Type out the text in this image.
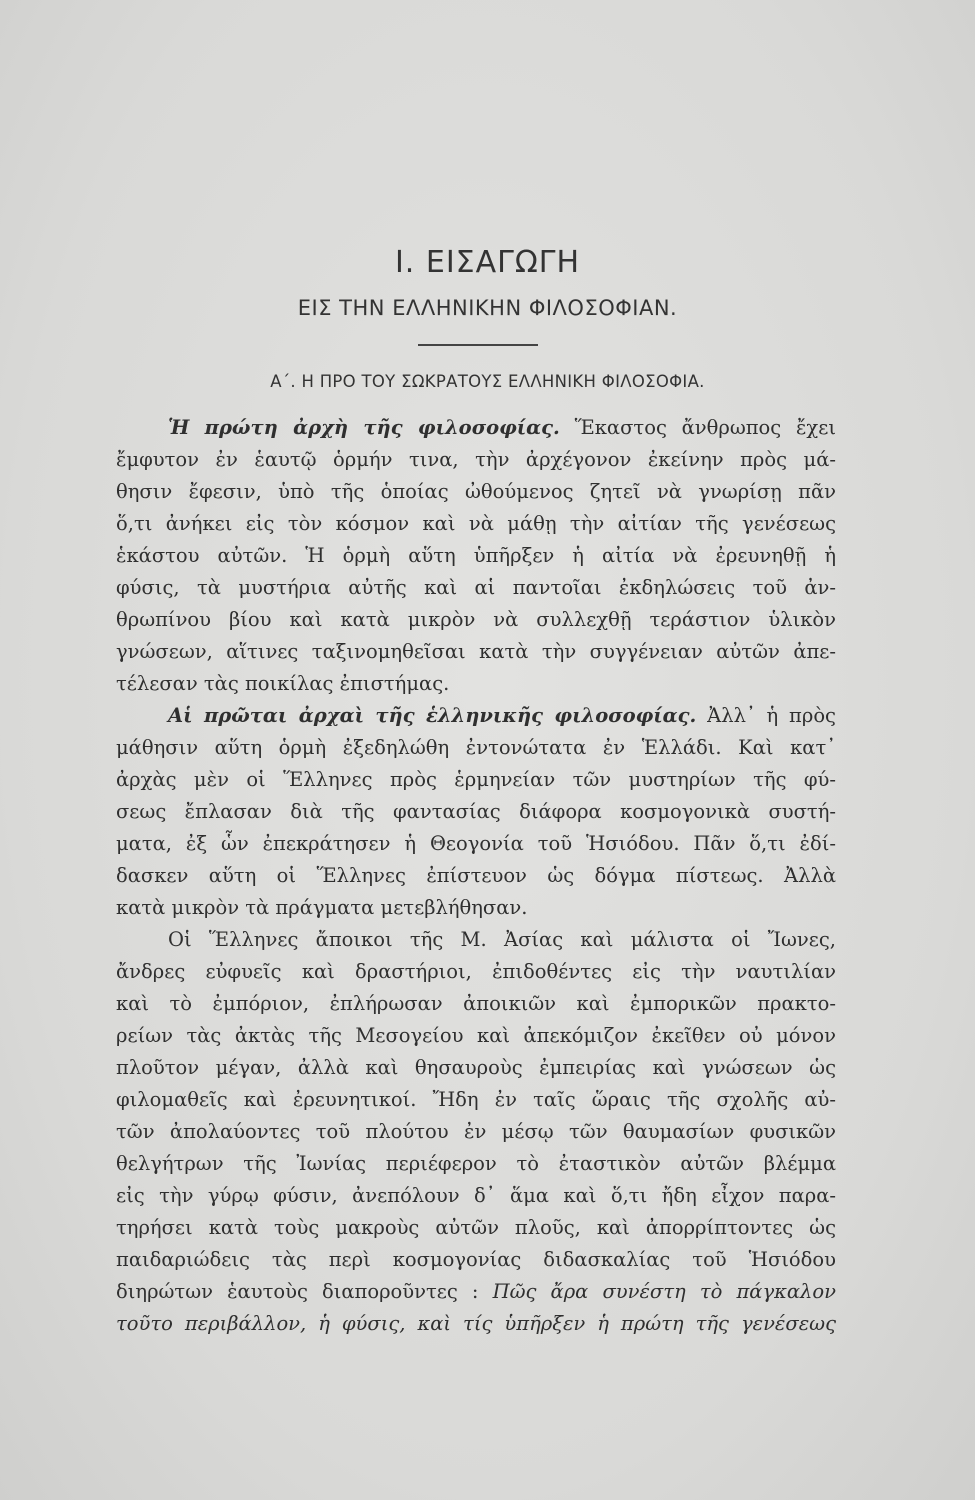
Ι. ΕΙΣΑΓΩΓΗ
ΕΙΣ ΤΗΝ ΕΛΛΗΝΙΚΗΝ ΦΙΛΟΣΟΦΙΑΝ.
Α΄. Η ΠΡΟ ΤΟΥ ΣΩΚΡΑΤΟΥΣ ΕΛΛΗΝΙΚΗ ΦΙΛΟΣΟΦΙΑ.
Ἡ πρώτη ἀρχὴ τῆς φιλοσοφίας. Ἕκαστος ἄνθρωπος ἔχει
ἔμφυτον ἐν ἑαυτῷ ὁρμήν τινα, τὴν ἀρχέγονον ἐκείνην πρὸς μά-
θησιν ἔφεσιν, ὑπὸ τῆς ὁποίας ὠθούμενος ζητεῖ νὰ γνωρίσῃ πᾶν
ὅ,τι ἀνήκει εἰς τὸν κόσμον καὶ νὰ μάθῃ τὴν αἰτίαν τῆς γενέσεως
ἑκάστου αὐτῶν. Ἡ ὁρμὴ αὕτη ὑπῆρξεν ἡ αἰτία νὰ ἐρευνηθῇ ἡ
φύσις, τὰ μυστήρια αὐτῆς καὶ αἱ παντοῖαι ἐκδηλώσεις τοῦ ἀν-
θρωπίνου βίου καὶ κατὰ μικρὸν νὰ συλλεχθῇ τεράστιον ὑλικὸν
γνώσεων, αἵτινες ταξινομηθεῖσαι κατὰ τὴν συγγένειαν αὐτῶν ἀπε-
τέλεσαν τὰς ποικίλας ἐπιστήμας.
Αἱ πρῶται ἀρχαὶ τῆς ἑλληνικῆς φιλοσοφίας. Ἀλλ᾽ ἡ πρὸς
μάθησιν αὕτη ὁρμὴ ἐξεδηλώθη ἐντονώτατα ἐν Ἑλλάδι. Καὶ κατ᾽
ἀρχὰς μὲν οἱ Ἕλληνες πρὸς ἑρμηνείαν τῶν μυστηρίων τῆς φύ-
σεως ἔπλασαν διὰ τῆς φαντασίας διάφορα κοσμογονικὰ συστή-
ματα, ἐξ ὧν ἐπεκράτησεν ἡ Θεογονία τοῦ Ἡσιόδου. Πᾶν ὅ,τι ἐδί-
δασκεν αὕτη οἱ Ἕλληνες ἐπίστευον ὡς δόγμα πίστεως. Ἀλλὰ
κατὰ μικρὸν τὰ πράγματα μετεβλήθησαν.
Οἱ Ἕλληνες ἄποικοι τῆς Μ. Ἀσίας καὶ μάλιστα οἱ Ἴωνες,
ἄνδρες εὐφυεῖς καὶ δραστήριοι, ἐπιδοθέντες εἰς τὴν ναυτιλίαν
καὶ τὸ ἐμπόριον, ἐπλήρωσαν ἀποικιῶν καὶ ἐμπορικῶν πρακτο-
ρείων τὰς ἀκτὰς τῆς Μεσογείου καὶ ἀπεκόμιζον ἐκεῖθεν οὐ μόνον
πλοῦτον μέγαν, ἀλλὰ καὶ θησαυροὺς ἐμπειρίας καὶ γνώσεων ὡς
φιλομαθεῖς καὶ ἐρευνητικοί. Ἤδη ἐν ταῖς ὥραις τῆς σχολῆς αὐ-
τῶν ἀπολαύοντες τοῦ πλούτου ἐν μέσῳ τῶν θαυμασίων φυσικῶν
θελγήτρων τῆς Ἰωνίας περιέφερον τὸ ἐταστικὸν αὐτῶν βλέμμα
εἰς τὴν γύρῳ φύσιν, ἀνεπόλουν δ᾽ ἅμα καὶ ὅ,τι ἤδη εἶχον παρα-
τηρήσει κατὰ τοὺς μακροὺς αὐτῶν πλοῦς, καὶ ἀπορρίπτοντες ὡς
παιδαριώδεις τὰς περὶ κοσμογονίας διδασκαλίας τοῦ Ἡσιόδου
διηρώτων ἑαυτοὺς διαπορoῦντες : Πῶς ἄρα συνέστη τὸ πάγκαλον
τοῦτο περιβάλλον, ἡ φύσις, καὶ τίς ὑπῆρξεν ἡ πρώτη τῆς γενέσεως
